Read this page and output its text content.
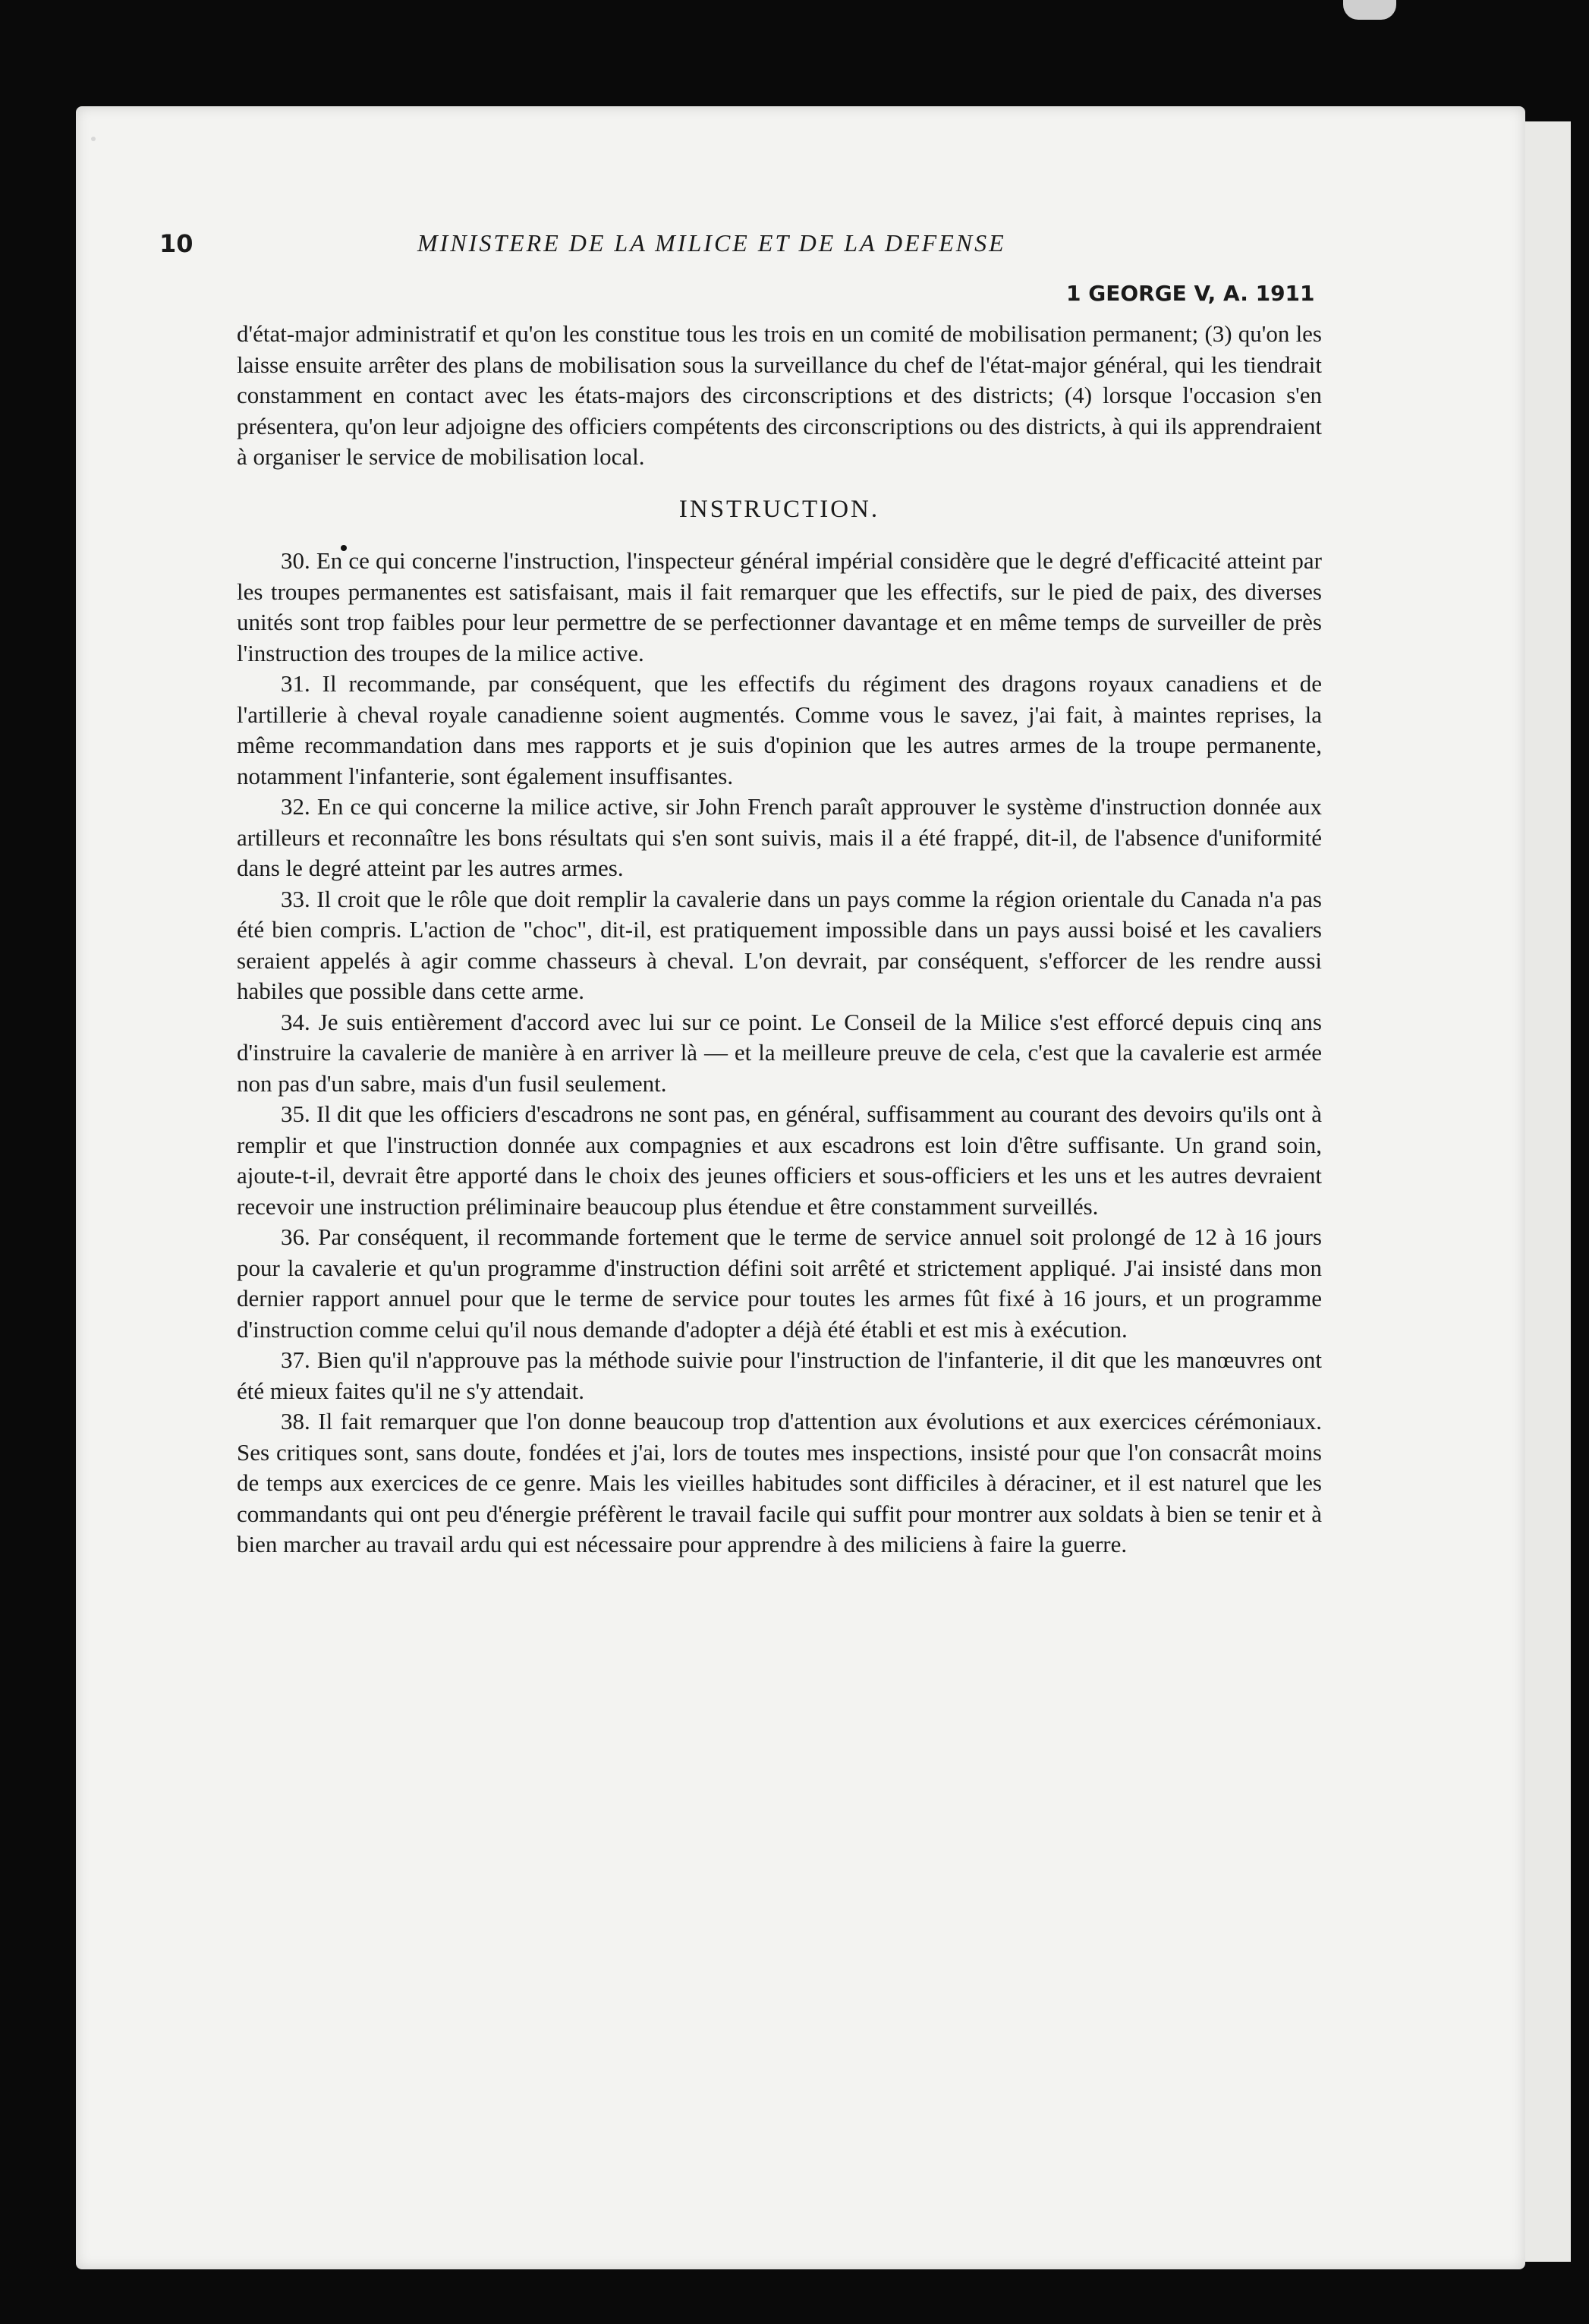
10	MINISTERE DE LA MILICE ET DE LA DEFENSE
1 GEORGE V, A. 1911

d'état-major administratif et qu'on les constitue tous les trois en un comité de mobilisation permanent; (3) qu'on les laisse ensuite arrêter des plans de mobilisation sous la surveillance du chef de l'état-major général, qui les tiendrait constamment en contact avec les états-majors des circonscriptions et des districts; (4) lorsque l'occasion s'en présentera, qu'on leur adjoigne des officiers compétents des circonscriptions ou des districts, à qui ils apprendraient à organiser le service de mobilisation local.

INSTRUCTION.

30. En ce qui concerne l'instruction, l'inspecteur général impérial considère que le degré d'efficacité atteint par les troupes permanentes est satisfaisant, mais il fait remarquer que les effectifs, sur le pied de paix, des diverses unités sont trop faibles pour leur permettre de se perfectionner davantage et en même temps de surveiller de près l'instruction des troupes de la milice active.

31. Il recommande, par conséquent, que les effectifs du régiment des dragons royaux canadiens et de l'artillerie à cheval royale canadienne soient augmentés. Comme vous le savez, j'ai fait, à maintes reprises, la même recommandation dans mes rapports et je suis d'opinion que les autres armes de la troupe permanente, notamment l'infanterie, sont également insuffisantes.

32. En ce qui concerne la milice active, sir John French paraît approuver le système d'instruction donnée aux artilleurs et reconnaître les bons résultats qui s'en sont suivis, mais il a été frappé, dit-il, de l'absence d'uniformité dans le degré atteint par les autres armes.

33. Il croit que le rôle que doit remplir la cavalerie dans un pays comme la région orientale du Canada n'a pas été bien compris. L'action de "choc", dit-il, est pratiquement impossible dans un pays aussi boisé et les cavaliers seraient appelés à agir comme chasseurs à cheval. L'on devrait, par conséquent, s'efforcer de les rendre aussi habiles que possible dans cette arme.

34. Je suis entièrement d'accord avec lui sur ce point. Le Conseil de la Milice s'est efforcé depuis cinq ans d'instruire la cavalerie de manière à en arriver là — et la meilleure preuve de cela, c'est que la cavalerie est armée non pas d'un sabre, mais d'un fusil seulement.

35. Il dit que les officiers d'escadrons ne sont pas, en général, suffisamment au courant des devoirs qu'ils ont à remplir et que l'instruction donnée aux compagnies et aux escadrons est loin d'être suffisante. Un grand soin, ajoute-t-il, devrait être apporté dans le choix des jeunes officiers et sous-officiers et les uns et les autres devraient recevoir une instruction préliminaire beaucoup plus étendue et être constamment surveillés.

36. Par conséquent, il recommande fortement que le terme de service annuel soit prolongé de 12 à 16 jours pour la cavalerie et qu'un programme d'instruction défini soit arrêté et strictement appliqué. J'ai insisté dans mon dernier rapport annuel pour que le terme de service pour toutes les armes fût fixé à 16 jours, et un programme d'instruction comme celui qu'il nous demande d'adopter a déjà été établi et est mis à exécution.

37. Bien qu'il n'approuve pas la méthode suivie pour l'instruction de l'infanterie, il dit que les manœuvres ont été mieux faites qu'il ne s'y attendait.

38. Il fait remarquer que l'on donne beaucoup trop d'attention aux évolutions et aux exercices cérémoniaux. Ses critiques sont, sans doute, fondées et j'ai, lors de toutes mes inspections, insisté pour que l'on consacrât moins de temps aux exercices de ce genre. Mais les vieilles habitudes sont difficiles à déraciner, et il est naturel que les commandants qui ont peu d'énergie préfèrent le travail facile qui suffit pour montrer aux soldats à bien se tenir et à bien marcher au travail ardu qui est nécessaire pour apprendre à des miliciens à faire la guerre.
